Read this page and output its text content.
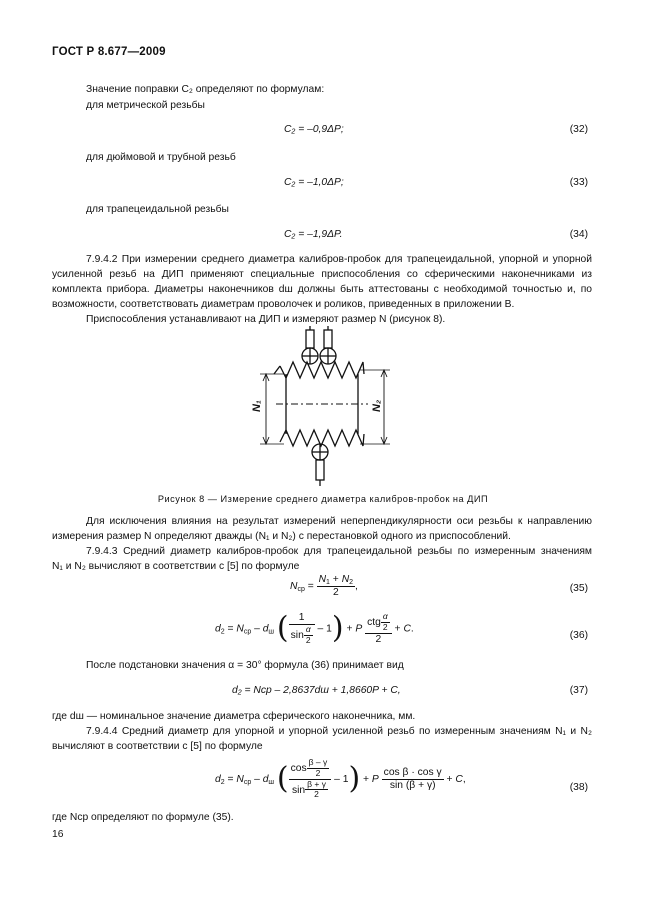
ГОСТ Р 8.677—2009
Значение поправки C₂ определяют по формулам:
для метрической резьбы
C₂ = –0,9ΔP;	(32)
для дюймовой и трубной резьб
C₂ = –1,0ΔP;	(33)
для трапецеидальной резьбы
C₂ = –1,9ΔP.	(34)
7.9.4.2 При измерении среднего диаметра калибров-пробок для трапецеидальной, упорной и упорной
усиленной резьб на ДИП применяют специальные приспособления со сферическими наконечниками из
комплекта прибора. Диаметры наконечников dш должны быть аттестованы с необходимой точностью и, по
возможности, соответствовать диаметрам проволочек и роликов, приведенных в приложении В.
Приспособления устанавливают на ДИП и измеряют размер N (рисунок 8).
N₁	N₂
Рисунок 8 — Измерение среднего диаметра калибров-пробок на ДИП
Для исключения влияния на результат измерений неперпендикулярности оси резьбы к направлению
измерения размер N определяют дважды (N₁ и N₂) с перестановкой одного из приспособлений.
7.9.4.3 Средний диаметр калибров-пробок для трапецеидальной резьбы по измеренным значениям
N₁ и N₂ вычисляют в соответствии с [5] по формуле
$N_{ср} = \frac{N_1 + N_2}{2}$ ,	(35)
$d_2 = N_{ср} - d_ш$ ( $\frac{1}{\sin \frac{\alpha}{2}} - 1) + P \frac{ctg \frac{\alpha}{2}}{2} + C$.
(36)
После подстановки значения α = 30° формула (36) принимает вид
d₂ = Nср – 2,8637dш + 1,8660P + C,	(37)
где dш — номинальное значение диаметра сферического наконечника, мм.
7.9.4.4 Средний диаметр для упорной и упорной усиленной резьб по измеренным значениям N₁ и N₂
вычисляют в соответствии с [5] по формуле
$d_2 = N_{ср} - d_ш$ ( $\frac{\cos \frac{\beta - \gamma}{2}}{\sin \frac{\beta + \gamma}{2}} - 1) + P \frac{\text{cos β · cos γ}}{\sin (\beta + \gamma)} + C$,
(38)
где Nср определяют по формуле (35).
16
